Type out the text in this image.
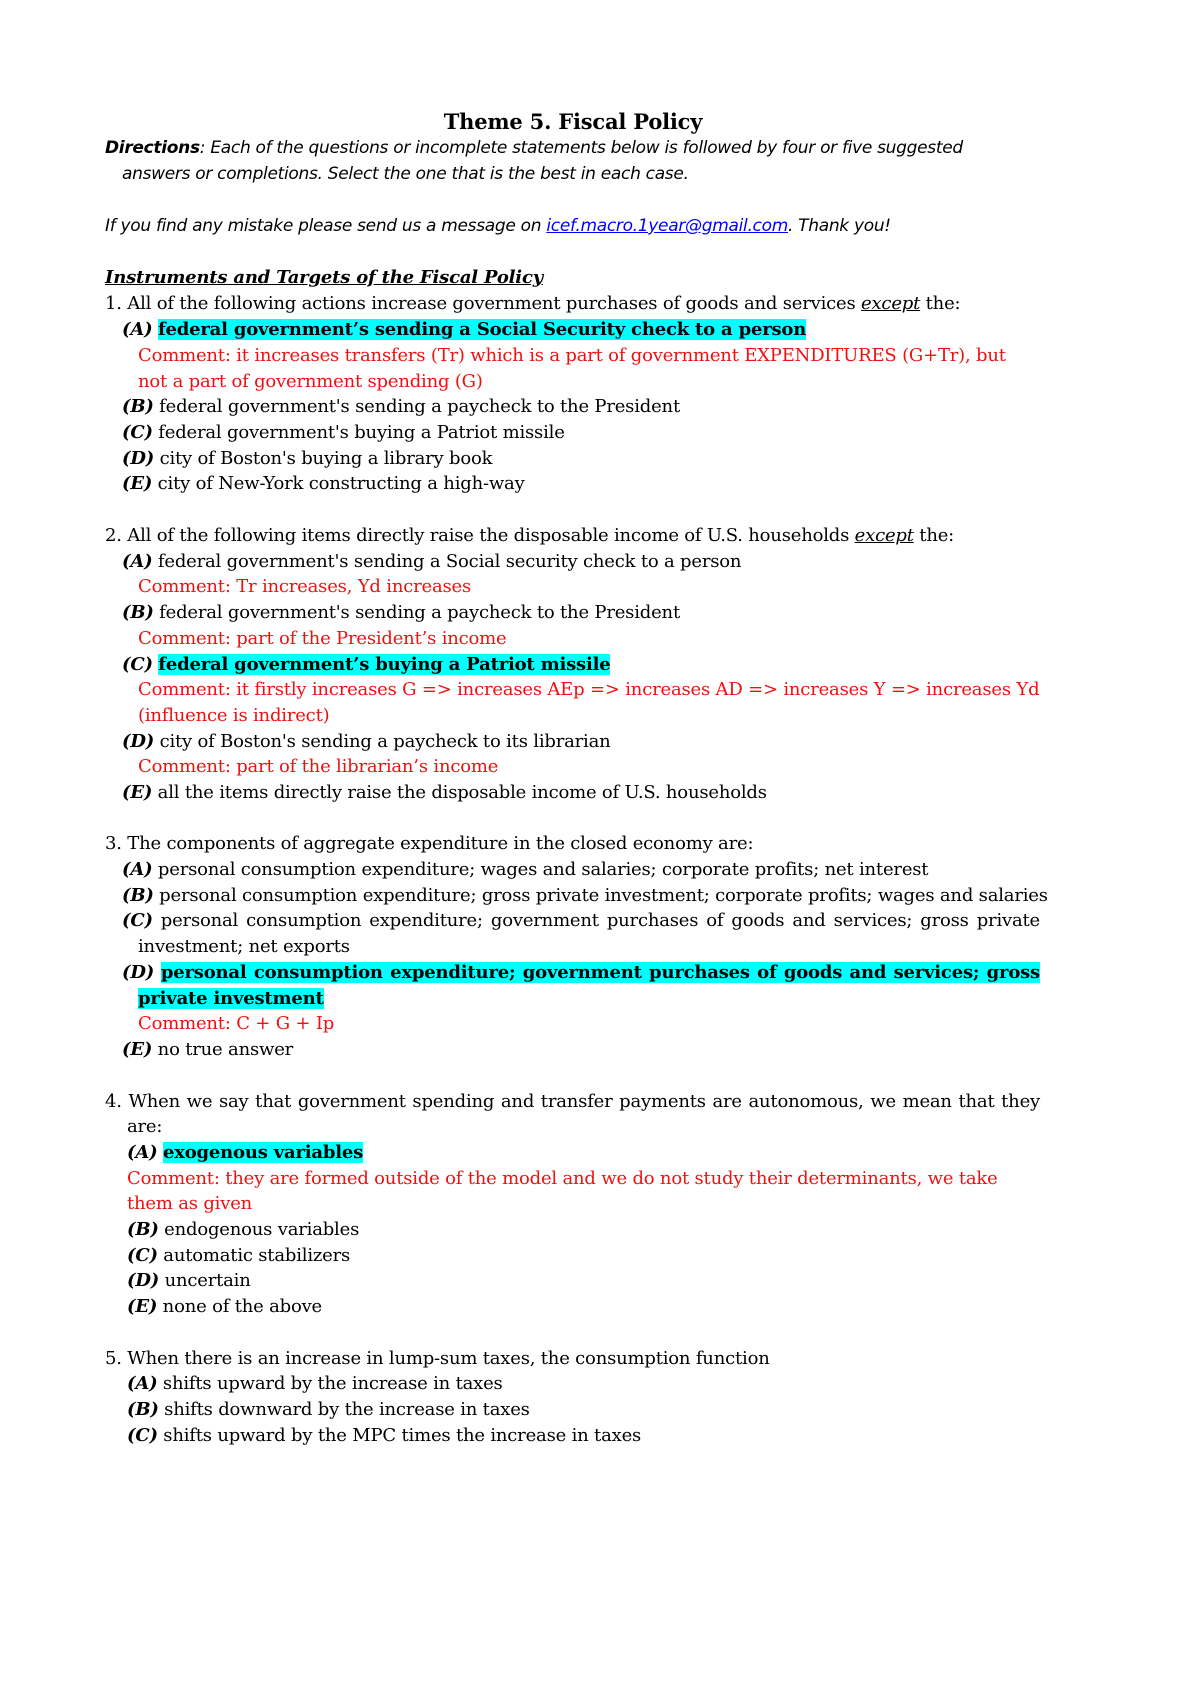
Theme 5. Fiscal Policy
Directions: Each of the questions or incomplete statements below is followed by four or five suggested
answers or completions. Select the one that is the best in each case.
If you find any mistake please send us a message on icef.macro.1year@gmail.com. Thank you!
Instruments and Targets of the Fiscal Policy
1. All of the following actions increase government purchases of goods and services except the:
(A) federal government’s sending a Social Security check to a person
Comment: it increases transfers (Tr) which is a part of government EXPENDITURES (G+Tr), but
not a part of government spending (G)
(B) federal government's sending a paycheck to the President
(C) federal government's buying a Patriot missile
(D) city of Boston's buying a library book
(E) city of New-York constructing a high-way
2. All of the following items directly raise the disposable income of U.S. households except the:
(A) federal government's sending a Social security check to a person
Comment: Tr increases, Yd increases
(B) federal government's sending a paycheck to the President
Comment: part of the President’s income
(C) federal government’s buying a Patriot missile
Comment: it firstly increases G => increases AEp => increases AD => increases Y => increases Yd
(influence is indirect)
(D) city of Boston's sending a paycheck to its librarian
Comment: part of the librarian’s income
(E) all the items directly raise the disposable income of U.S. households
3. The components of aggregate expenditure in the closed economy are:
(A) personal consumption expenditure; wages and salaries; corporate profits; net interest
(B) personal consumption expenditure; gross private investment; corporate profits; wages and salaries
(C) personal consumption expenditure; government purchases of goods and services; gross private
investment; net exports
(D) personal consumption expenditure; government purchases of goods and services; gross
private investment
Comment: C + G + Ip
(E) no true answer
4. When we say that government spending and transfer payments are autonomous, we mean that they
are:
(A) exogenous variables
Comment: they are formed outside of the model and we do not study their determinants, we take
them as given
(B) endogenous variables
(C) automatic stabilizers
(D) uncertain
(E) none of the above
5. When there is an increase in lump-sum taxes, the consumption function
(A) shifts upward by the increase in taxes
(B) shifts downward by the increase in taxes
(C) shifts upward by the MPC times the increase in taxes
